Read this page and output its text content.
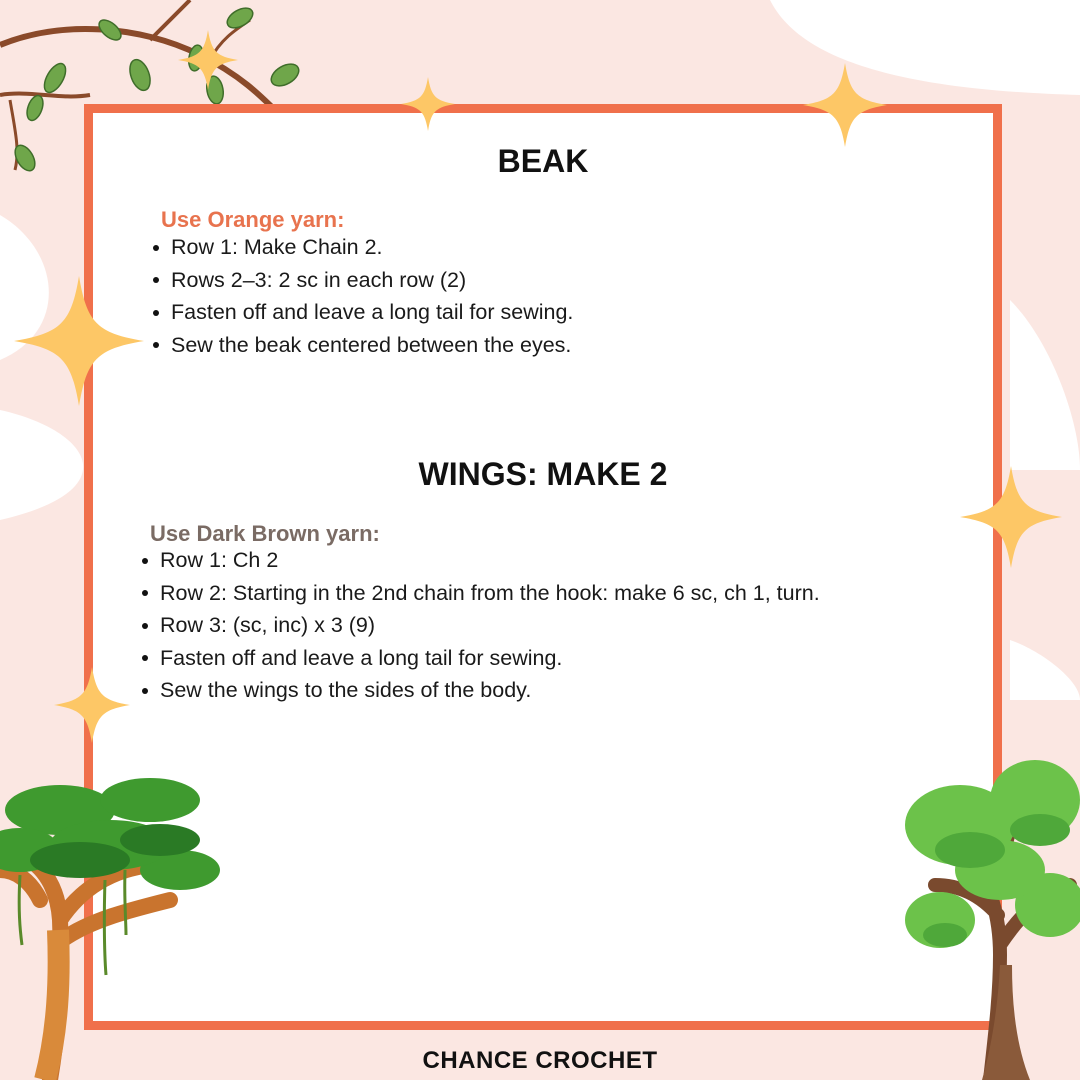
BEAK

Use Orange yarn:

Row 1: Make Chain 2.
Rows 2–3: 2 sc in each row (2)
Fasten off and leave a long tail for sewing.
Sew the beak centered between the eyes.
WINGS: MAKE 2

Use Dark Brown yarn:

Row 1: Ch 2
Row 2: Starting in the 2nd chain from the hook: make 6 sc, ch 1, turn.
Row 3: (sc, inc) x 3 (9)
Fasten off and leave a long tail for sewing.
Sew the wings to the sides of the body.
CHANCE CROCHET
